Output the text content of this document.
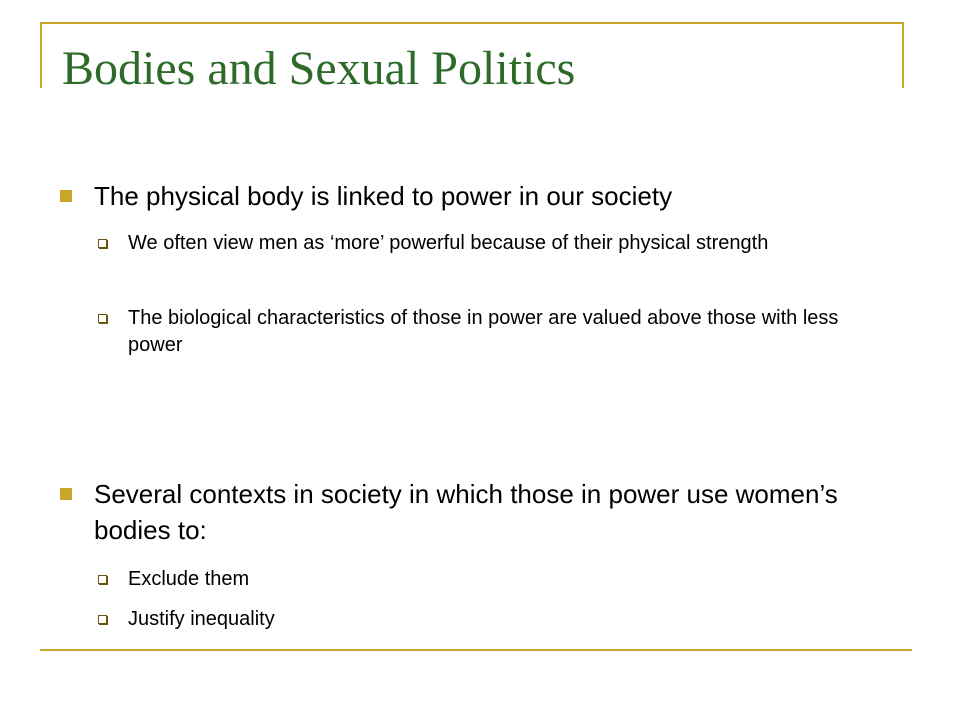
Bodies and Sexual Politics
The physical body is linked to power in our society
We often view men as ‘more’ powerful because of their physical strength
The biological characteristics of those in power are valued above those with less power
Several contexts in society in which those in power use women’s bodies to:
Exclude them
Justify inequality
